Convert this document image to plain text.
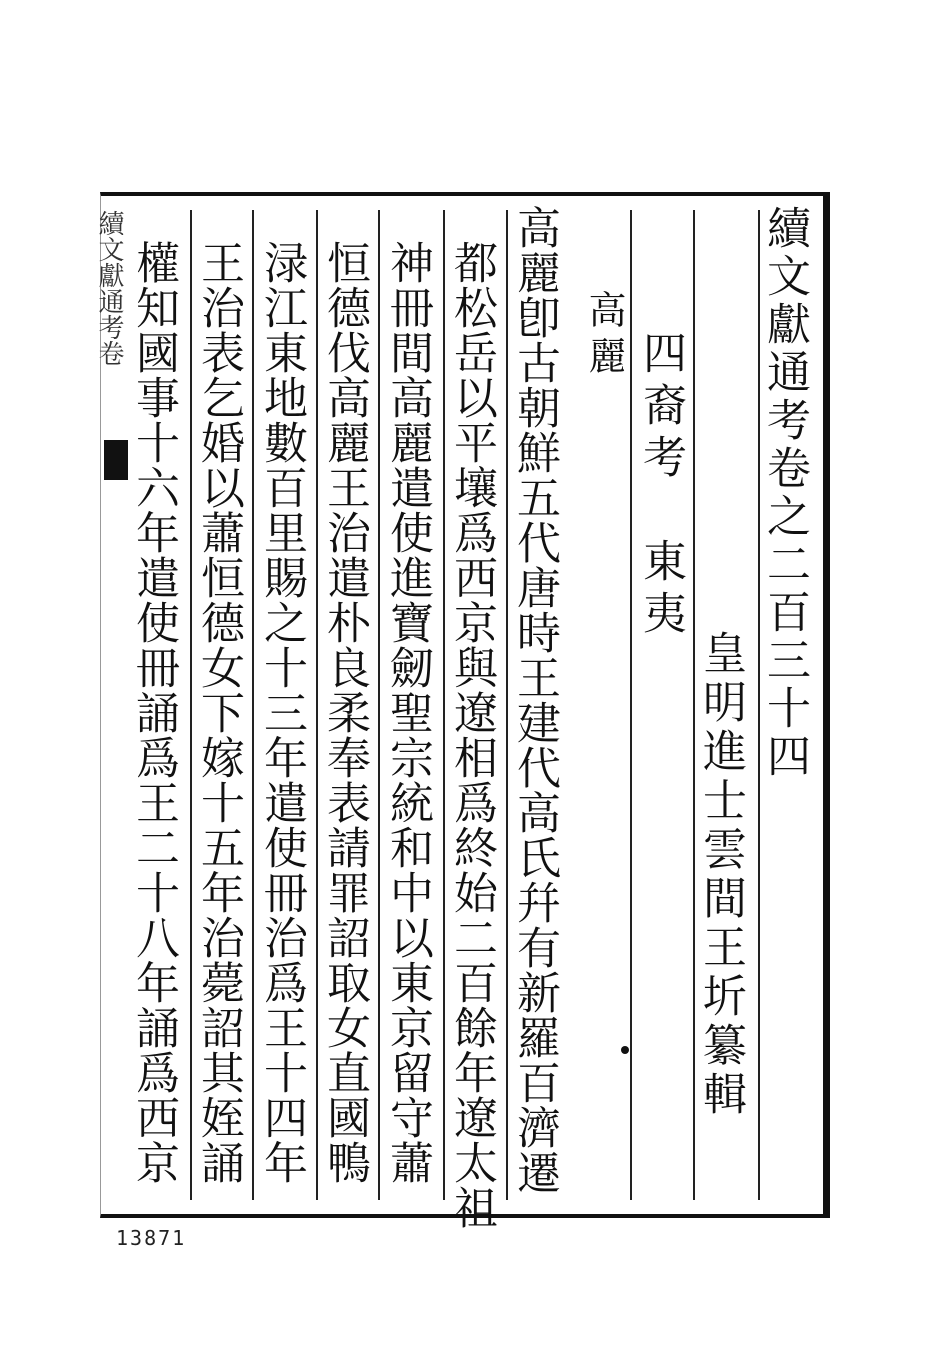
續文獻通考卷之二百三十四
皇明進士雲間王圻纂輯
四裔考　東夷
高麗
高麗卽古朝鮮五代唐時王建代高氏幷有新羅百濟遷
都松岳以平壤爲西京與遼相爲終始二百餘年遼太祖
神冊間高麗遣使進寶劒聖宗統和中以東京留守蕭
恒德伐高麗王治遣朴良柔奉表請罪詔取女直國鴨
渌江東地數百里賜之十三年遣使冊治爲王十四年
王治表乞婚以蕭恒德女下嫁十五年治薨詔其姪誦
權知國事十六年遣使冊誦爲王二十八年誦爲西京
續文獻通考卷
13871
